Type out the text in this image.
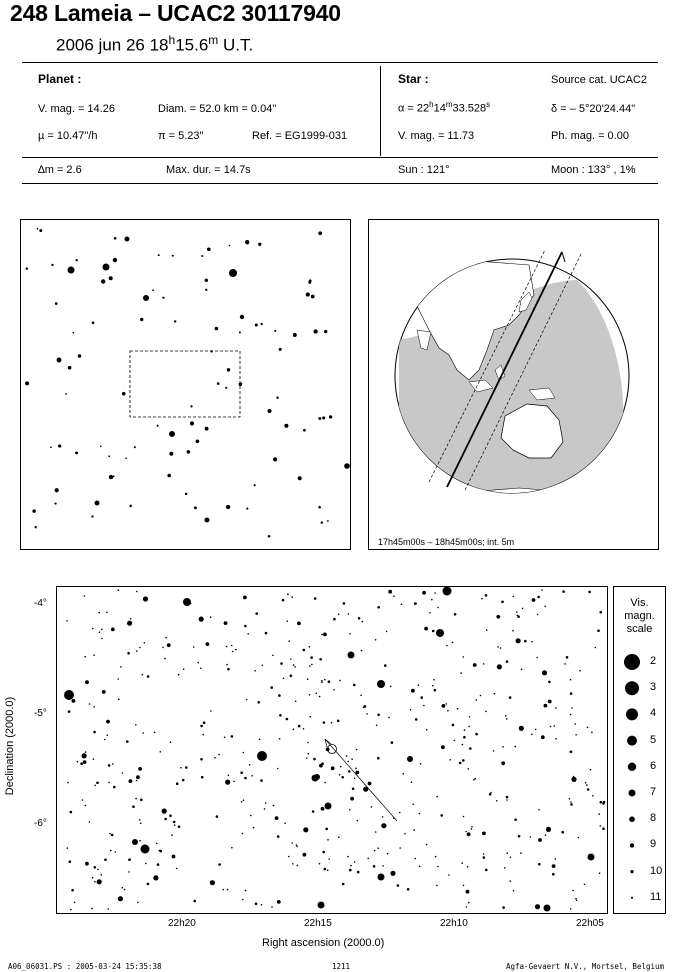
248 Lameia – UCAC2 30117940
2006 jun 26 18$^h$15.6$^m$ U.T.
Planet :
V. mag. = 14.26	Diam. = 52.0 km = 0.04"
µ = 10.47"/h	π = 5.23"	Ref. = EG1999-031
Star :	Source cat. UCAC2
$\alpha = 22^h14^m33.528^s$	δ = – 5°20'24.44"
V. mag. = 11.73	Ph. mag. = 0.00
∆m = 2.6	Max. dur. = 14.7s	Sun : 121°	Moon : 133° , 1%
17h45m00s – 18h45m00s; int. 5m
Declination (2000.0)
-4°
-5°
-6°
22h20	22h15	22h10	22h05
Right ascension (2000.0)
Vis.
magn.
scale
2
3
4
5
6
7
8
9
10
11
A06_06031.PS : 2005-03-24 15:35:38	1211	Agfa-Gevaert N.V., Mortsel, Belgium
